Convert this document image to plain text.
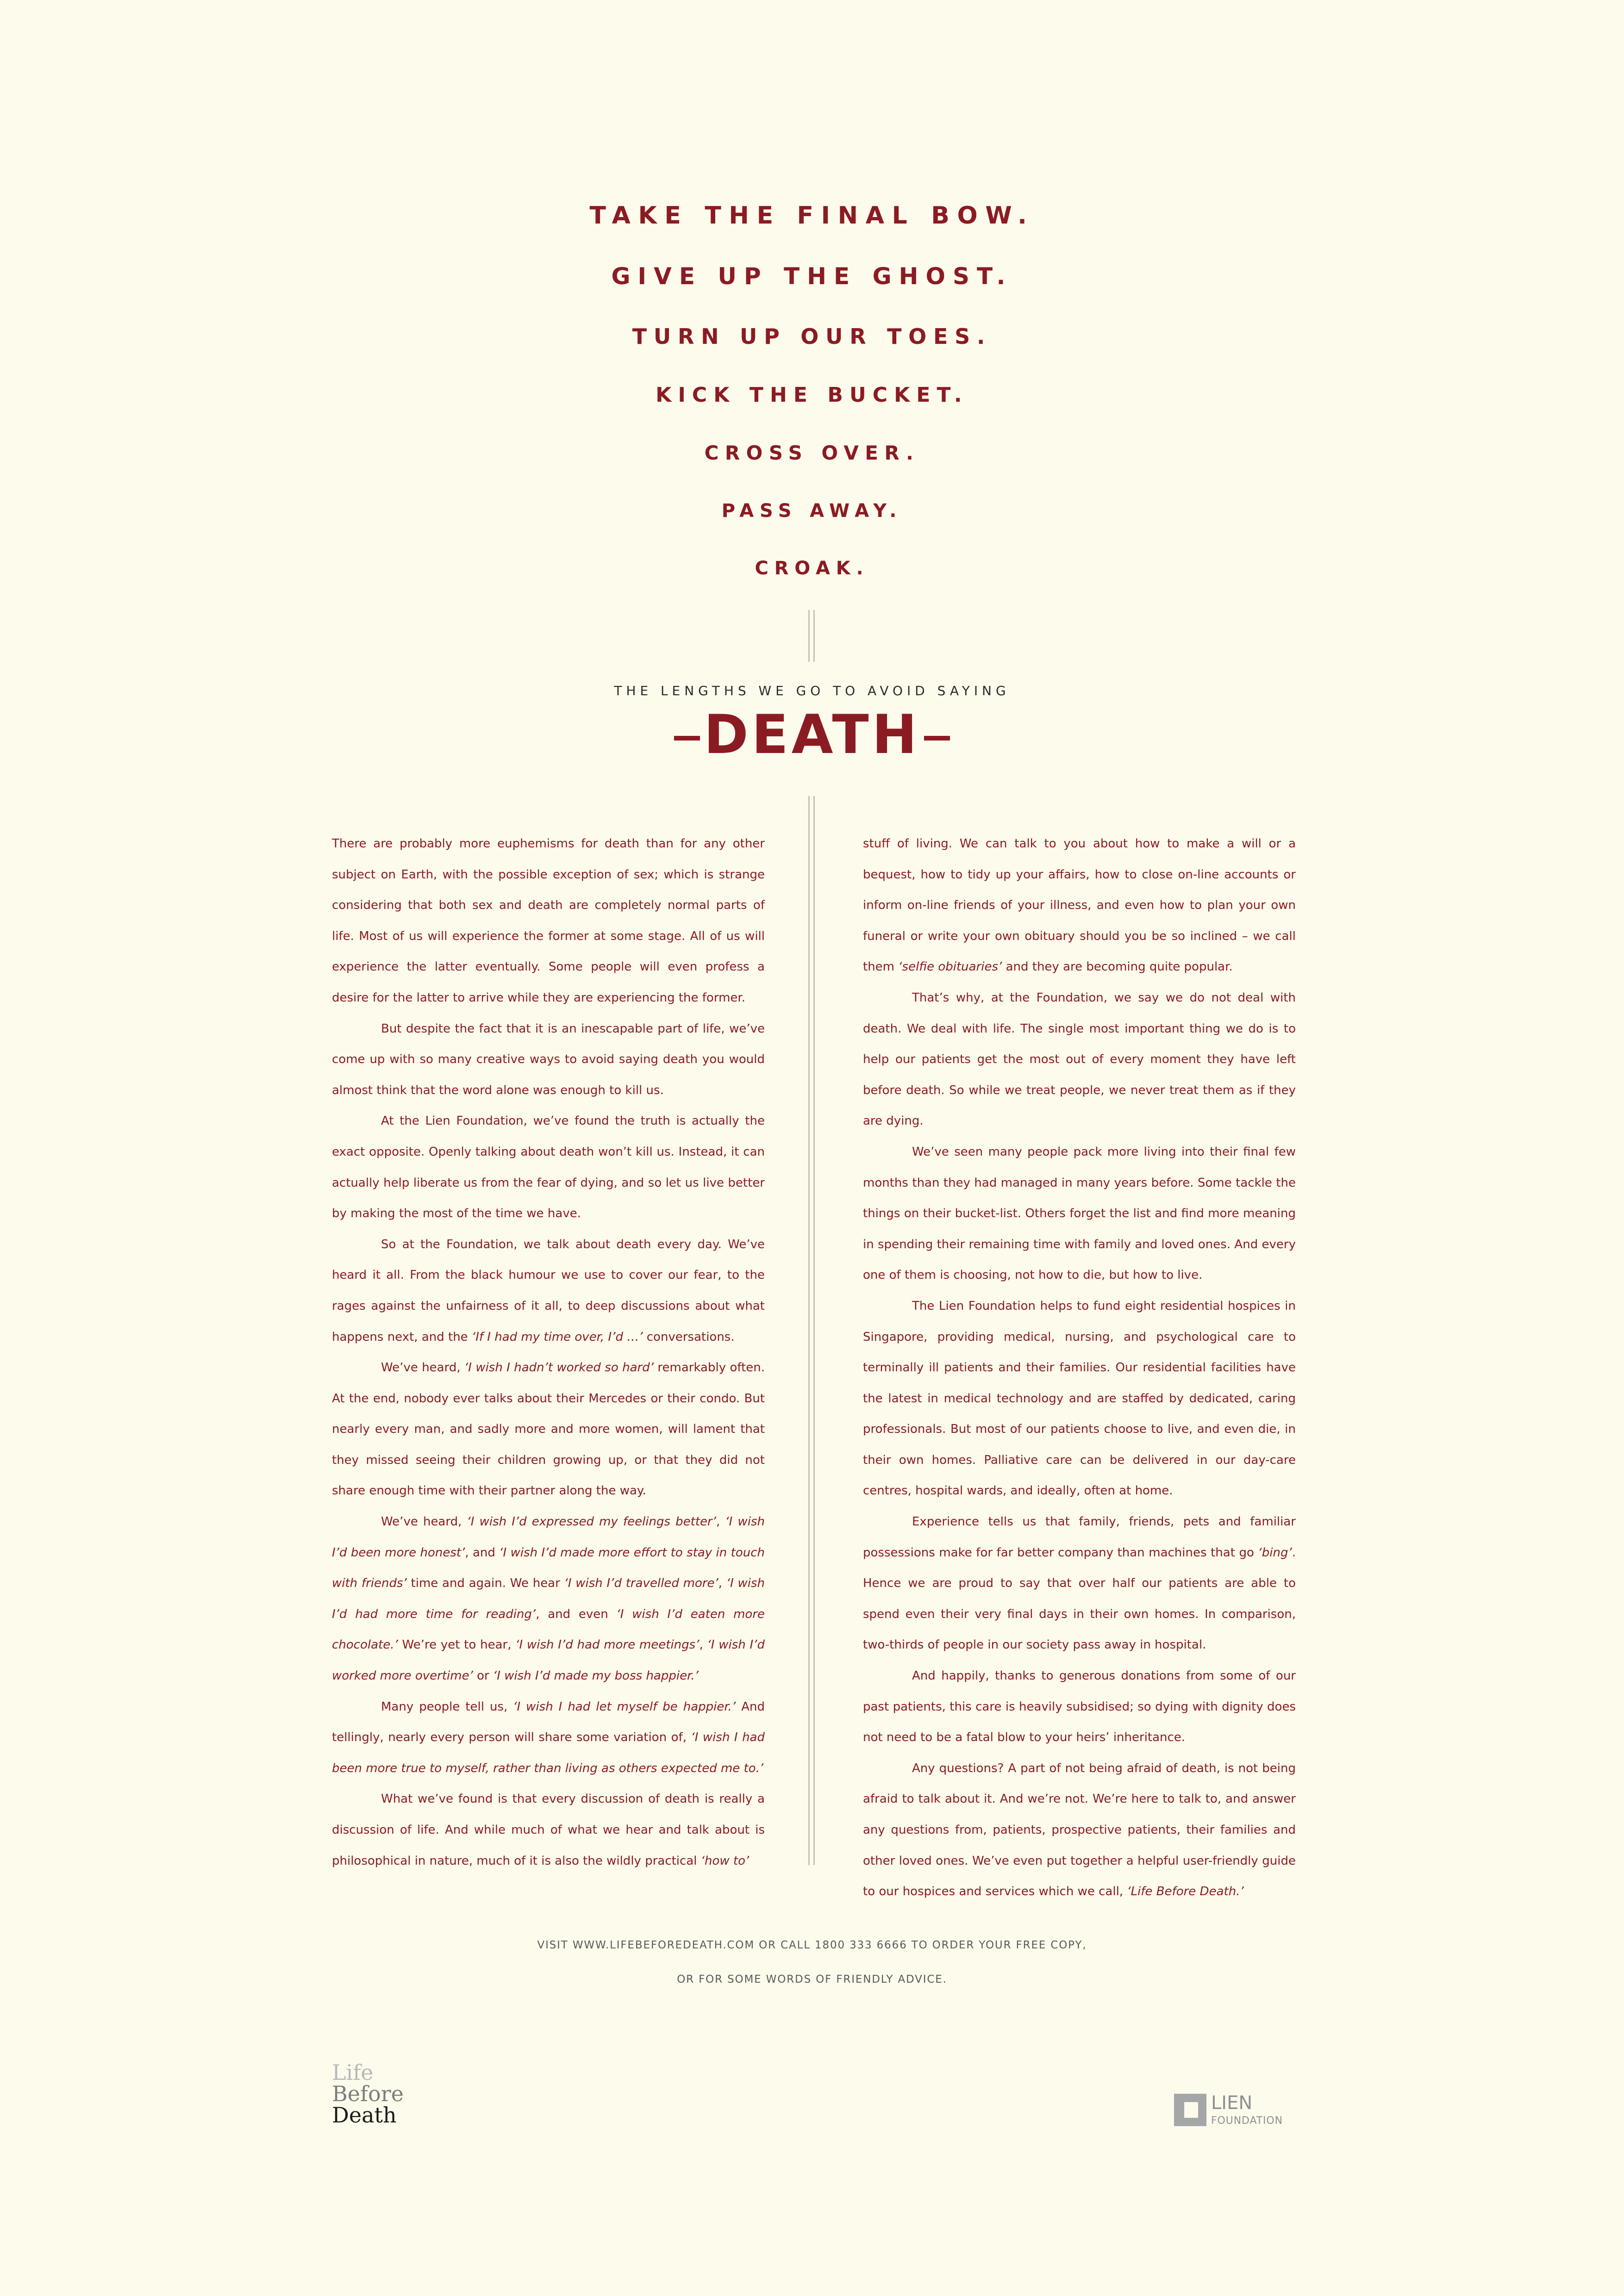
TAKE THE FINAL BOW.
GIVE UP THE GHOST.
TURN UP OUR TOES.
KICK THE BUCKET.
CROSS OVER.
PASS AWAY.
CROAK.
THE LENGTHS WE GO TO AVOID SAYING
DEATH

There are probably more euphemisms for death than for any other subject on Earth, with the possible exception of sex; which is strange considering that both sex and death are completely normal parts of life. Most of us will experience the former at some stage. All of us will experience the latter eventually. Some people will even profess a desire for the latter to arrive while they are experiencing the former.

But despite the fact that it is an inescapable part of life, we’ve come up with so many creative ways to avoid saying death you would almost think that the word alone was enough to kill us.

At the Lien Foundation, we’ve found the truth is actually the exact opposite. Openly talking about death won’t kill us. Instead, it can actually help liberate us from the fear of dying, and so let us live better by making the most of the time we have.

So at the Foundation, we talk about death every day. We’ve heard it all. From the black humour we use to cover our fear, to the rages against the unfairness of it all, to deep discussions about what happens next, and the ‘If I had my time over, I’d …’ conversations.

We’ve heard, ‘I wish I hadn’t worked so hard’ remarkably often. At the end, nobody ever talks about their Mercedes or their condo. But nearly every man, and sadly more and more women, will lament that they missed seeing their children growing up, or that they did not share enough time with their partner along the way.

We’ve heard, ‘I wish I’d expressed my feelings better’, ‘I wish I’d been more honest’, and ‘I wish I’d made more effort to stay in touch with friends’ time and again. We hear ‘I wish I’d travelled more’, ‘I wish I’d had more time for reading’, and even ‘I wish I’d eaten more chocolate.’ We’re yet to hear, ‘I wish I’d had more meetings’, ‘I wish I’d worked more overtime’ or ‘I wish I’d made my boss happier.’

Many people tell us, ‘I wish I had let myself be happier.’ And tellingly, nearly every person will share some variation of, ‘I wish I had been more true to myself, rather than living as others expected me to.’

What we’ve found is that every discussion of death is really a discussion of life. And while much of what we hear and talk about is philosophical in nature, much of it is also the wildly practical ‘how to’

stuff of living. We can talk to you about how to make a will or a bequest, how to tidy up your affairs, how to close on-line accounts or inform on-line friends of your illness, and even how to plan your own funeral or write your own obituary should you be so inclined – we call them ‘selfie obituaries’ and they are becoming quite popular.

That’s why, at the Foundation, we say we do not deal with death. We deal with life. The single most important thing we do is to help our patients get the most out of every moment they have left before death. So while we treat people, we never treat them as if they are dying.

We’ve seen many people pack more living into their final few months than they had managed in many years before. Some tackle the things on their bucket-list. Others forget the list and find more meaning in spending their remaining time with family and loved ones. And every one of them is choosing, not how to die, but how to live.

The Lien Foundation helps to fund eight residential hospices in Singapore, providing medical, nursing, and psychological care to terminally ill patients and their families. Our residential facilities have the latest in medical technology and are staffed by dedicated, caring professionals. But most of our patients choose to live, and even die, in their own homes. Palliative care can be delivered in our day-care centres, hospital wards, and ideally, often at home.

Experience tells us that family, friends, pets and familiar possessions make for far better company than machines that go ‘bing’. Hence we are proud to say that over half our patients are able to spend even their very final days in their own homes. In comparison, two-thirds of people in our society pass away in hospital.

And happily, thanks to generous donations from some of our past patients, this care is heavily subsidised; so dying with dignity does not need to be a fatal blow to your heirs’ inheritance.

Any questions? A part of not being afraid of death, is not being afraid to talk about it. And we’re not. We’re here to talk to, and answer any questions from, patients, prospective patients, their families and other loved ones. We’ve even put together a helpful user-friendly guide to our hospices and services which we call, ‘Life Before Death.’

VISIT WWW.LIFEBEFOREDEATH.COM OR CALL 1800 333 6666 TO ORDER YOUR FREE COPY,
OR FOR SOME WORDS OF FRIENDLY ADVICE.
Life
Before
Death	LIEN
FOUNDATION
